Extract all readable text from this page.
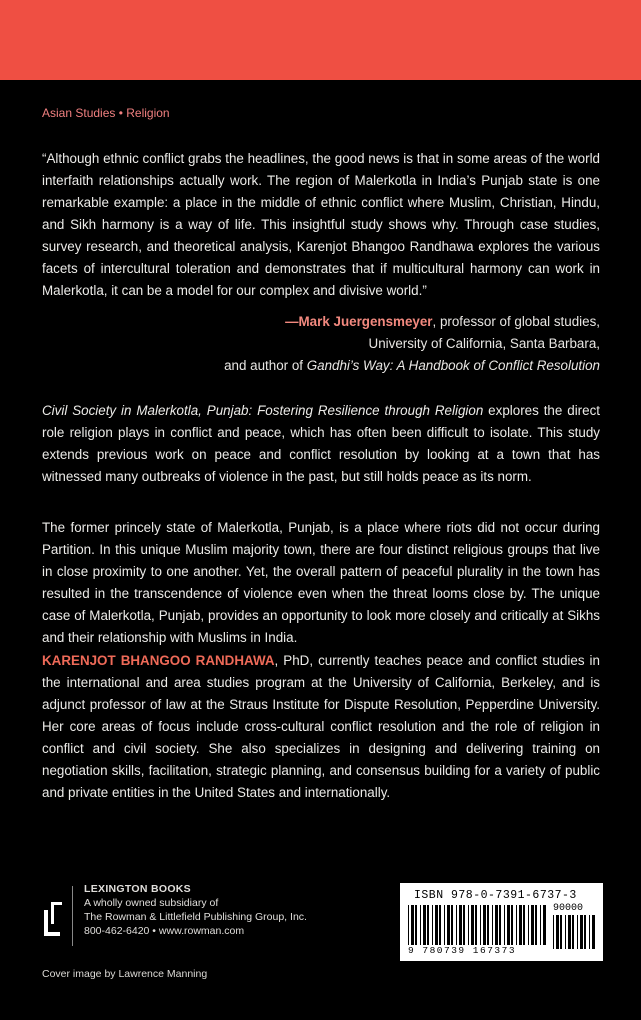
Asian Studies • Religion

“Although ethnic conflict grabs the headlines, the good news is that in some areas of the world interfaith relationships actually work. The region of Malerkotla in India’s Punjab state is one remarkable example: a place in the middle of ethnic conflict where Muslim, Christian, Hindu, and Sikh harmony is a way of life. This insightful study shows why. Through case studies, survey research, and theoretical analysis, Karenjot Bhangoo Randhawa explores the various facets of intercultural toleration and demonstrates that if multicultural harmony can work in Malerkotla, it can be a model for our complex and divisive world.”

—Mark Juergensmeyer, professor of global studies,
University of California, Santa Barbara,
and author of Gandhi’s Way: A Handbook of Conflict Resolution

Civil Society in Malerkotla, Punjab: Fostering Resilience through Religion explores the direct role religion plays in conflict and peace, which has often been difficult to isolate. This study extends previous work on peace and conflict resolution by looking at a town that has witnessed many outbreaks of violence in the past, but still holds peace as its norm.

The former princely state of Malerkotla, Punjab, is a place where riots did not occur during Partition. In this unique Muslim majority town, there are four distinct religious groups that live in close proximity to one another. Yet, the overall pattern of peaceful plurality in the town has resulted in the transcendence of violence even when the threat looms close by. The unique case of Malerkotla, Punjab, provides an opportunity to look more closely and critically at Sikhs and their relationship with Muslims in India.

KARENJOT BHANGOO RANDHAWA, PhD, currently teaches peace and conflict studies in the international and area studies program at the University of California, Berkeley, and is adjunct professor of law at the Straus Institute for Dispute Resolution, Pepperdine University. Her core areas of focus include cross-cultural conflict resolution and the role of religion in conflict and civil society. She also specializes in designing and delivering training on negotiation skills, facilitation, strategic planning, and consensus building for a variety of public and private entities in the United States and internationally.

LEXINGTON BOOKS
A wholly owned subsidiary of
The Rowman & Littlefield Publishing Group, Inc.
800-462-6420 • www.rowman.com
Cover image by Lawrence Manning
ISBN 978-0-7391-6737-3
90000
9 780739 167373
